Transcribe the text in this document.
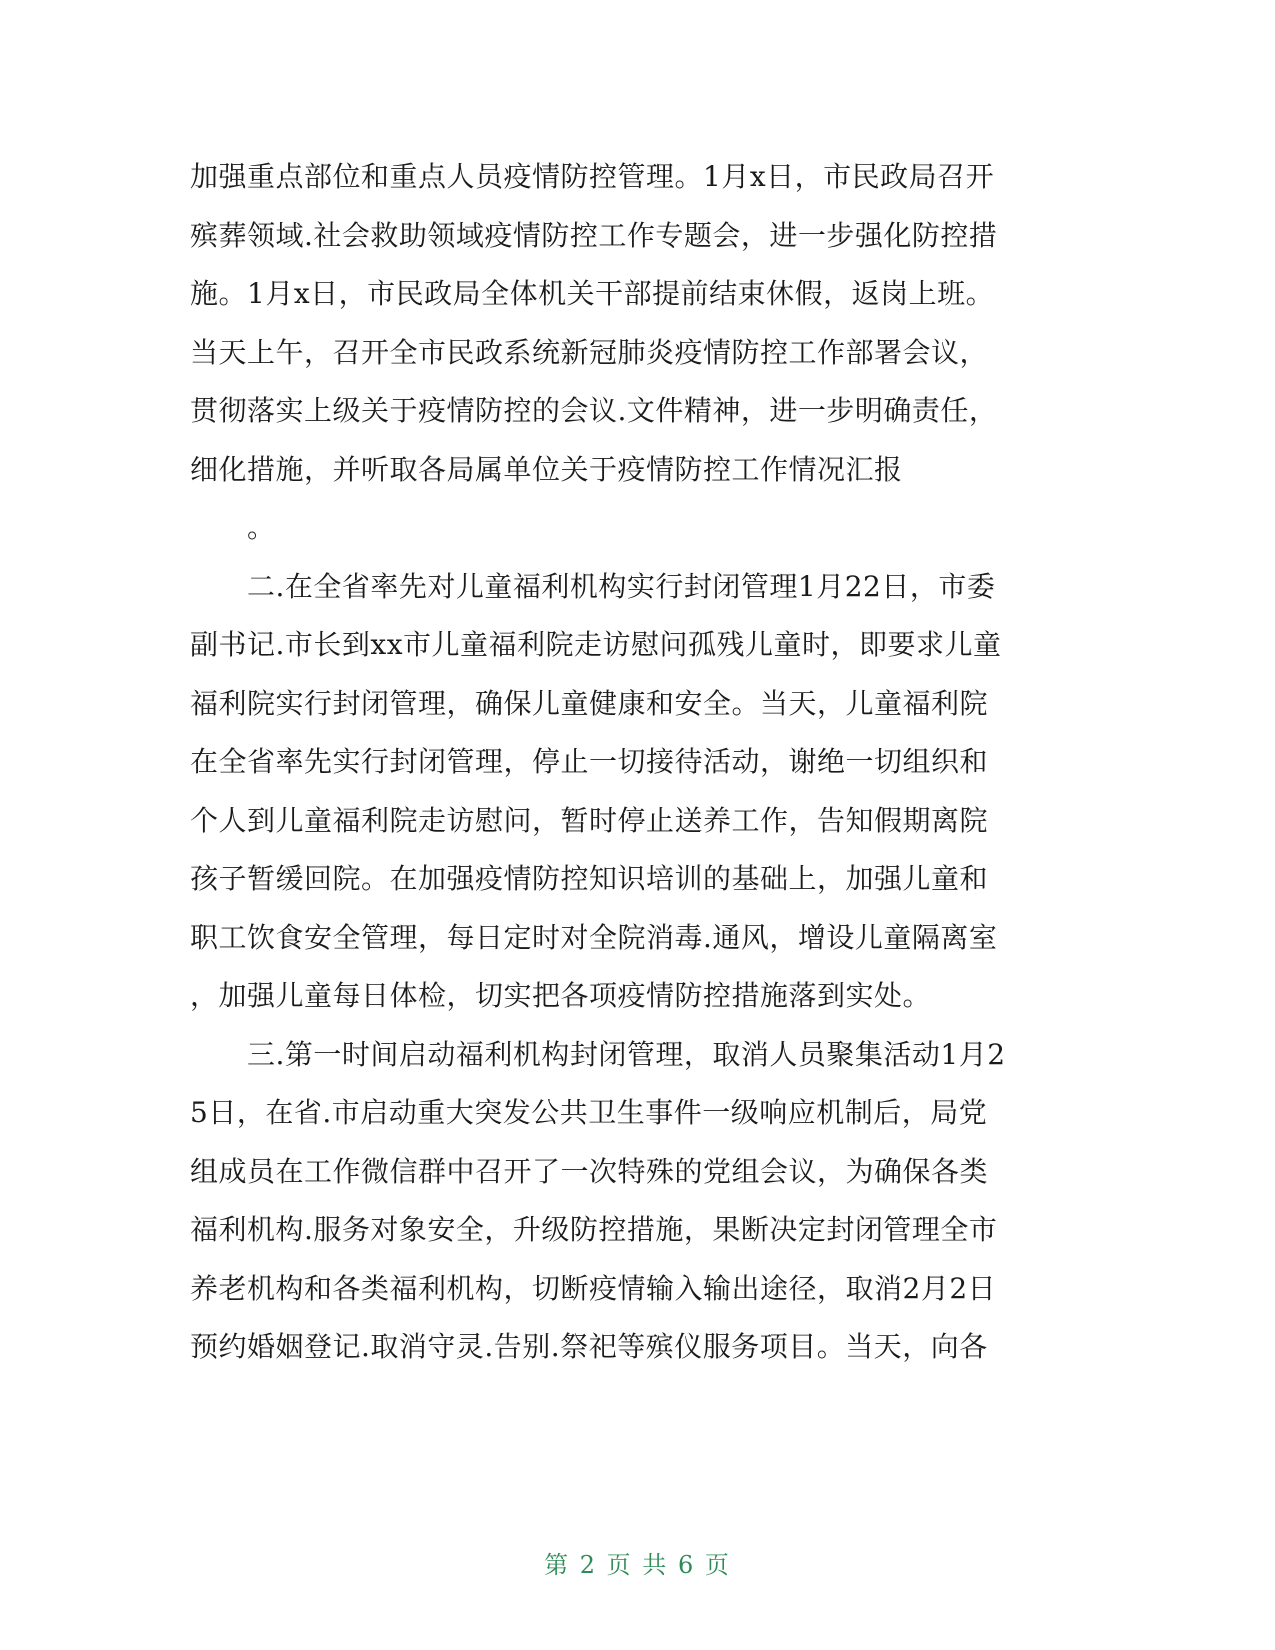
加强重点部位和重点人员疫情防控管理。1月x日，市民政局召开
殡葬领域.社会救助领域疫情防控工作专题会，进一步强化防控措
施。1月x日，市民政局全体机关干部提前结束休假，返岗上班。
当天上午，召开全市民政系统新冠肺炎疫情防控工作部署会议，
贯彻落实上级关于疫情防控的会议.文件精神，进一步明确责任，
细化措施，并听取各局属单位关于疫情防控工作情况汇报
　　。
　　二.在全省率先对儿童福利机构实行封闭管理1月22日，市委
副书记.市长到xx市儿童福利院走访慰问孤残儿童时，即要求儿童
福利院实行封闭管理，确保儿童健康和安全。当天，儿童福利院
在全省率先实行封闭管理，停止一切接待活动，谢绝一切组织和
个人到儿童福利院走访慰问，暂时停止送养工作，告知假期离院
孩子暂缓回院。在加强疫情防控知识培训的基础上，加强儿童和
职工饮食安全管理，每日定时对全院消毒.通风，增设儿童隔离室
，加强儿童每日体检，切实把各项疫情防控措施落到实处。
　　三.第一时间启动福利机构封闭管理，取消人员聚集活动1月2
5日，在省.市启动重大突发公共卫生事件一级响应机制后，局党
组成员在工作微信群中召开了一次特殊的党组会议，为确保各类
福利机构.服务对象安全，升级防控措施，果断决定封闭管理全市
养老机构和各类福利机构，切断疫情输入输出途径，取消2月2日
预约婚姻登记.取消守灵.告别.祭祀等殡仪服务项目。当天，向各
第 2 页 共 6 页
